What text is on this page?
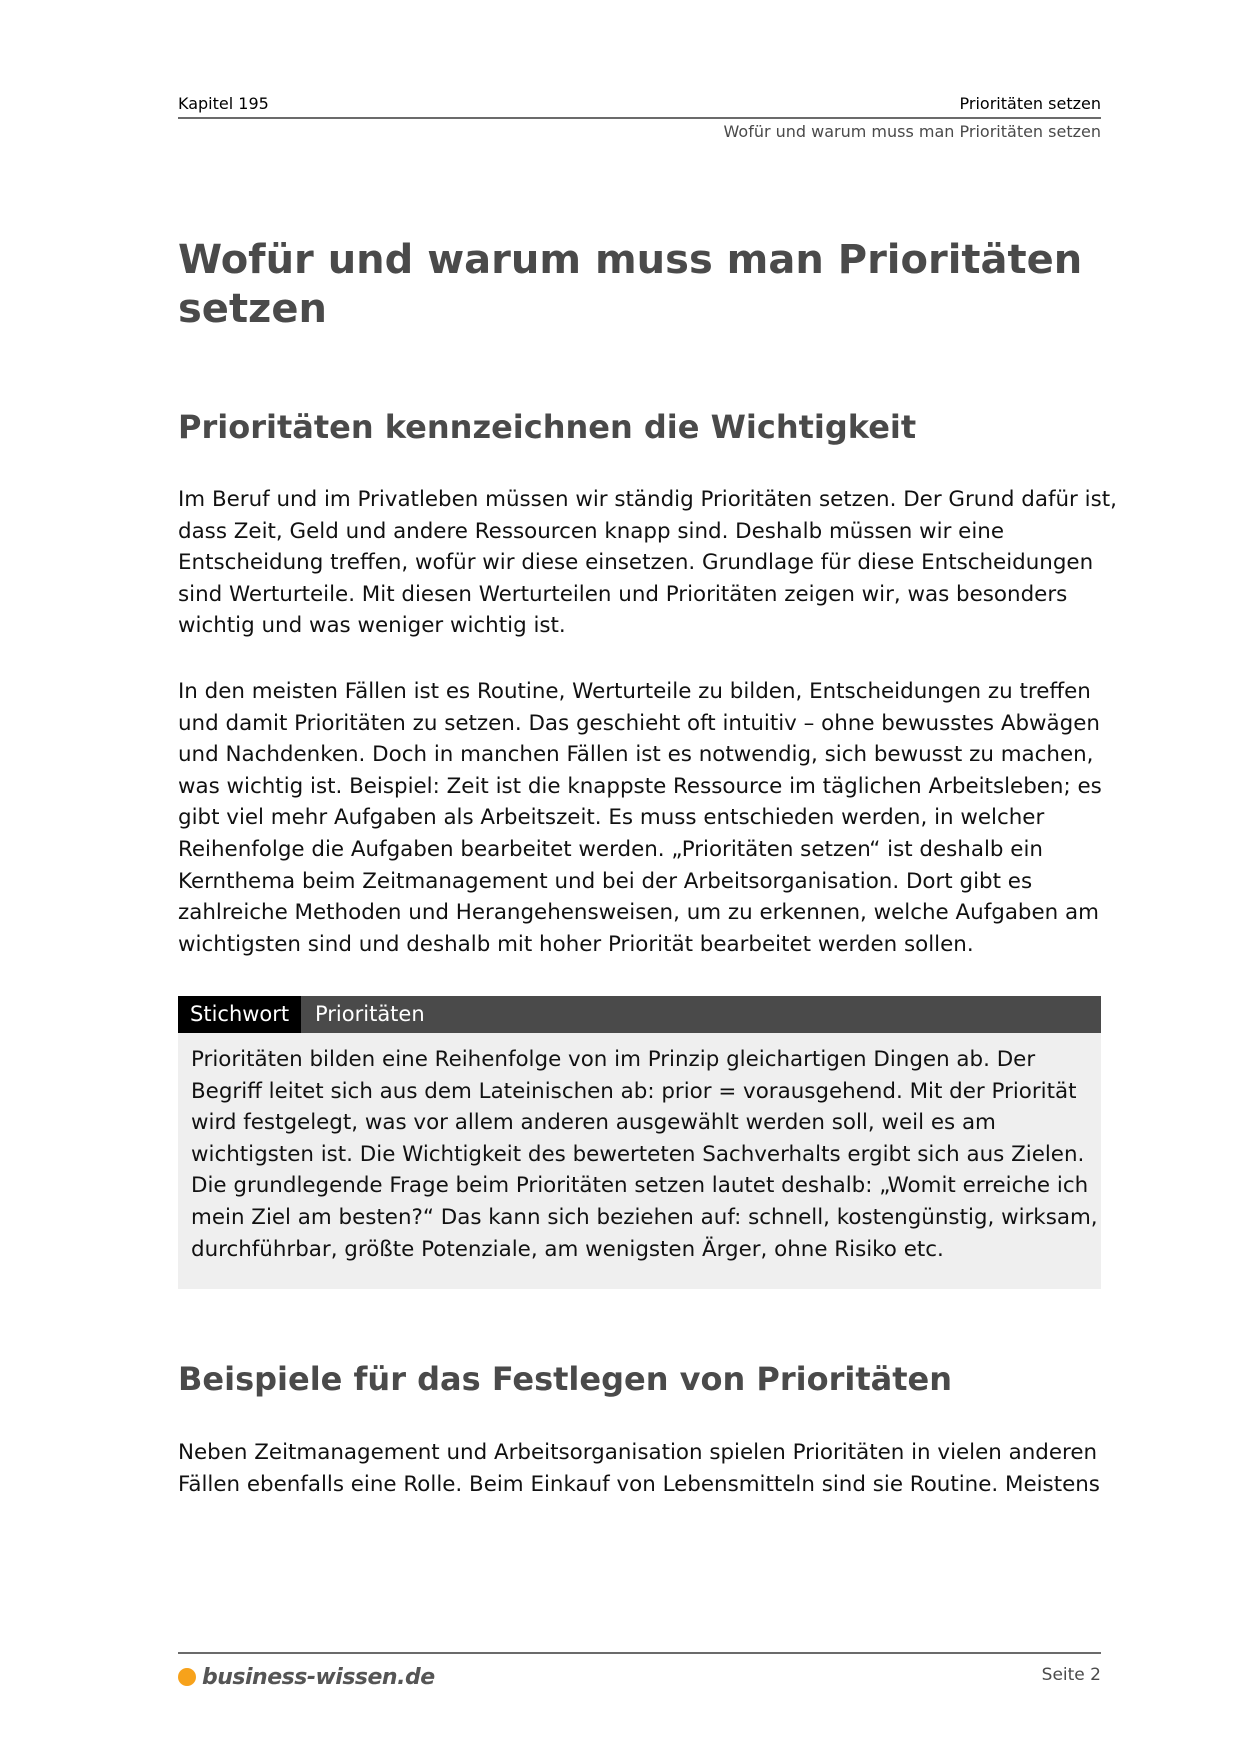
Kapitel 195	Prioritäten setzen
Wofür und warum muss man Prioritäten setzen
Wofür und warum muss man Prioritäten
setzen
Prioritäten kennzeichnen die Wichtigkeit
Im Beruf und im Privatleben müssen wir ständig Prioritäten setzen. Der Grund dafür ist,
dass Zeit, Geld und andere Ressourcen knapp sind. Deshalb müssen wir eine
Entscheidung treffen, wofür wir diese einsetzen. Grundlage für diese Entscheidungen
sind Werturteile. Mit diesen Werturteilen und Prioritäten zeigen wir, was besonders
wichtig und was weniger wichtig ist.
In den meisten Fällen ist es Routine, Werturteile zu bilden, Entscheidungen zu treffen
und damit Prioritäten zu setzen. Das geschieht oft intuitiv – ohne bewusstes Abwägen
und Nachdenken. Doch in manchen Fällen ist es notwendig, sich bewusst zu machen,
was wichtig ist. Beispiel: Zeit ist die knappste Ressource im täglichen Arbeitsleben; es
gibt viel mehr Aufgaben als Arbeitszeit. Es muss entschieden werden, in welcher
Reihenfolge die Aufgaben bearbeitet werden. „Prioritäten setzen“ ist deshalb ein
Kernthema beim Zeitmanagement und bei der Arbeitsorganisation. Dort gibt es
zahlreiche Methoden und Herangehensweisen, um zu erkennen, welche Aufgaben am
wichtigsten sind und deshalb mit hoher Priorität bearbeitet werden sollen.
Stichwort	Prioritäten
Prioritäten bilden eine Reihenfolge von im Prinzip gleichartigen Dingen ab. Der
Begriff leitet sich aus dem Lateinischen ab: prior = vorausgehend. Mit der Priorität
wird festgelegt, was vor allem anderen ausgewählt werden soll, weil es am
wichtigsten ist. Die Wichtigkeit des bewerteten Sachverhalts ergibt sich aus Zielen.
Die grundlegende Frage beim Prioritäten setzen lautet deshalb: „Womit erreiche ich
mein Ziel am besten?“ Das kann sich beziehen auf: schnell, kostengünstig, wirksam,
durchführbar, größte Potenziale, am wenigsten Ärger, ohne Risiko etc.
Beispiele für das Festlegen von Prioritäten
Neben Zeitmanagement und Arbeitsorganisation spielen Prioritäten in vielen anderen
Fällen ebenfalls eine Rolle. Beim Einkauf von Lebensmitteln sind sie Routine. Meistens
business-wissen.de	Seite 2
